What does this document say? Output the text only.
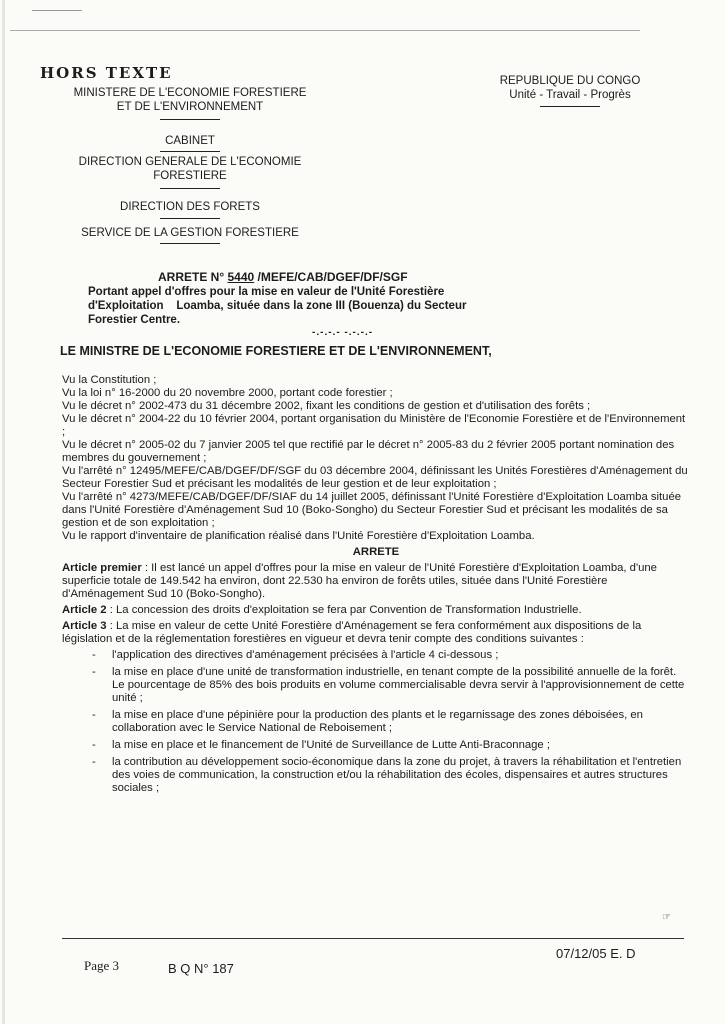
HORS TEXTE
MINISTERE DE L'ECONOMIE FORESTIERE
ET DE L'ENVIRONNEMENT
CABINET
DIRECTION GENERALE DE L'ECONOMIE
FORESTIERE
DIRECTION DES FORETS
SERVICE DE LA GESTION FORESTIERE
REPUBLIQUE DU CONGO
Unité - Travail - Progrès
ARRETE N° 5440 /MEFE/CAB/DGEF/DF/SGF
Portant appel d'offres pour la mise en valeur de l'Unité Forestière
d'Exploitation    Loamba, située dans la zone III (Bouenza) du Secteur
Forestier Centre.
-.-.-.- -.-.-.-
LE MINISTRE DE L'ECONOMIE FORESTIERE ET DE L'ENVIRONNEMENT,

Vu la Constitution ;

Vu la loi n° 16-2000 du 20 novembre 2000, portant code forestier ;

Vu le décret n° 2002-473 du 31 décembre 2002, fixant les conditions de gestion et d'utilisation des forêts ;

Vu le décret n° 2004-22 du 10 février 2004, portant organisation du Ministère de l'Economie Forestière et de l'Environnement ;

Vu le décret n° 2005-02 du 7 janvier 2005 tel que rectifié par le décret n° 2005-83 du 2 février 2005 portant nomination des membres du gouvernement ;

Vu l'arrêté n° 12495/MEFE/CAB/DGEF/DF/SGF du 03 décembre 2004, définissant les Unités Forestières d'Aménagement du Secteur Forestier Sud et précisant les modalités de leur gestion et de leur exploitation ;

Vu l'arrêté n° 4273/MEFE/CAB/DGEF/DF/SIAF du 14 juillet 2005, définissant l'Unité Forestière d'Exploitation Loamba située dans l'Unité Forestière d'Aménagement Sud 10 (Boko-Songho) du Secteur Forestier Sud et précisant les modalités de sa gestion et de son exploitation ;

Vu le rapport d'inventaire de planification réalisé dans l'Unité Forestière d'Exploitation Loamba.

ARRETE

Article premier : Il est lancé un appel d'offres pour la mise en valeur de l'Unité Forestière d'Exploitation Loamba, d'une superficie totale de 149.542 ha environ, dont 22.530 ha environ de forêts utiles, située dans l'Unité Forestière d'Aménagement Sud 10 (Boko-Songho).

Article 2 : La concession des droits d'exploitation se fera par Convention de Transformation Industrielle.

Article 3 : La mise en valeur de cette Unité Forestière d'Aménagement se fera conformément aux dispositions de la législation et de la réglementation forestières en vigueur et devra tenir compte des conditions suivantes :

- l'application des directives d'aménagement précisées à l'article 4 ci-dessous ;
- la mise en place d'une unité de transformation industrielle, en tenant compte de la possibilité annuelle de la forêt. Le pourcentage de 85% des bois produits en volume commercialisable devra servir à l'approvisionnement de cette unité ;
- la mise en place d'une pépinière pour la production des plants et le regarnissage des zones déboisées, en collaboration avec le Service National de Reboisement ;
- la mise en place et le financement de l'Unité de Surveillance de Lutte Anti-Braconnage ;
- la contribution au développement socio-économique dans la zone du projet, à travers la réhabilitation et l'entretien des voies de communication, la construction et/ou la réhabilitation des écoles, dispensaires et autres structures sociales ;
☞
07/12/05 E. D
Page 3	B Q N° 187
